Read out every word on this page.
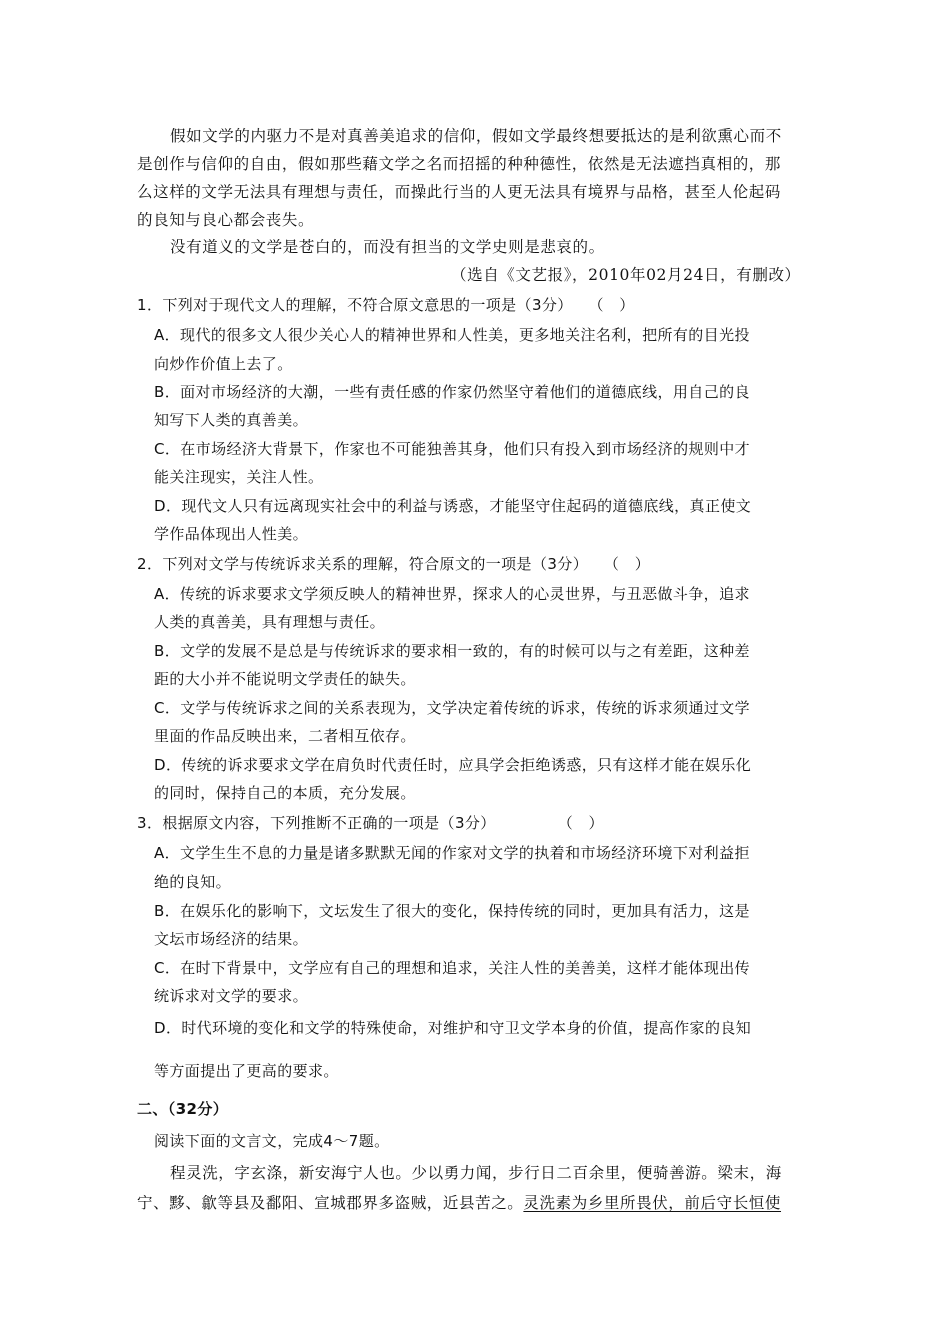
假如文学的内驱力不是对真善美追求的信仰，假如文学最终想要抵达的是利欲熏心而不
是创作与信仰的自由，假如那些藉文学之名而招摇的种种德性，依然是无法遮挡真相的，那
么这样的文学无法具有理想与责任，而操此行当的人更无法具有境界与品格，甚至人伦起码
的良知与良心都会丧失。
没有道义的文学是苍白的，而没有担当的文学史则是悲哀的。
（选自《文艺报》，2010年02月24日，有删改）
1．下列对于现代文人的理解，不符合原文意思的一项是（3分）　　（　）
A．现代的很多文人很少关心人的精神世界和人性美，更多地关注名利，把所有的目光投
向炒作价值上去了。
B．面对市场经济的大潮，一些有责任感的作家仍然坚守着他们的道德底线，用自己的良
知写下人类的真善美。
C．在市场经济大背景下，作家也不可能独善其身，他们只有投入到市场经济的规则中才
能关注现实，关注人性。
D．现代文人只有远离现实社会中的利益与诱惑，才能坚守住起码的道德底线，真正使文
学作品体现出人性美。
2．下列对文学与传统诉求关系的理解，符合原文的一项是（3分）　　（　）
A．传统的诉求要求文学须反映人的精神世界，探求人的心灵世界，与丑恶做斗争，追求
人类的真善美，具有理想与责任。
B．文学的发展不是总是与传统诉求的要求相一致的，有的时候可以与之有差距，这种差
距的大小并不能说明文学责任的缺失。
C．文学与传统诉求之间的关系表现为，文学决定着传统的诉求，传统的诉求须通过文学
里面的作品反映出来，二者相互依存。
D．传统的诉求要求文学在肩负时代责任时，应具学会拒绝诱惑，只有这样才能在娱乐化
的同时，保持自己的本质，充分发展。
3．根据原文内容，下列推断不正确的一项是（3分）　　　　　（　）
A．文学生生不息的力量是诸多默默无闻的作家对文学的执着和市场经济环境下对利益拒
绝的良知。
B．在娱乐化的影响下，文坛发生了很大的变化，保持传统的同时，更加具有活力，这是
文坛市场经济的结果。
C．在时下背景中，文学应有自己的理想和追求，关注人性的美善美，这样才能体现出传
统诉求对文学的要求。
D．时代环境的变化和文学的特殊使命，对维护和守卫文学本身的价值，提高作家的良知
等方面提出了更高的要求。
二、（32分）
阅读下面的文言文，完成4～7题。
程灵洗，字玄涤，新安海宁人也。少以勇力闻，步行日二百余里，便骑善游。梁末，海
宁、黟、歙等县及鄱阳、宣城郡界多盗贼，近县苦之。灵洗素为乡里所畏伏，前后守长恒使
